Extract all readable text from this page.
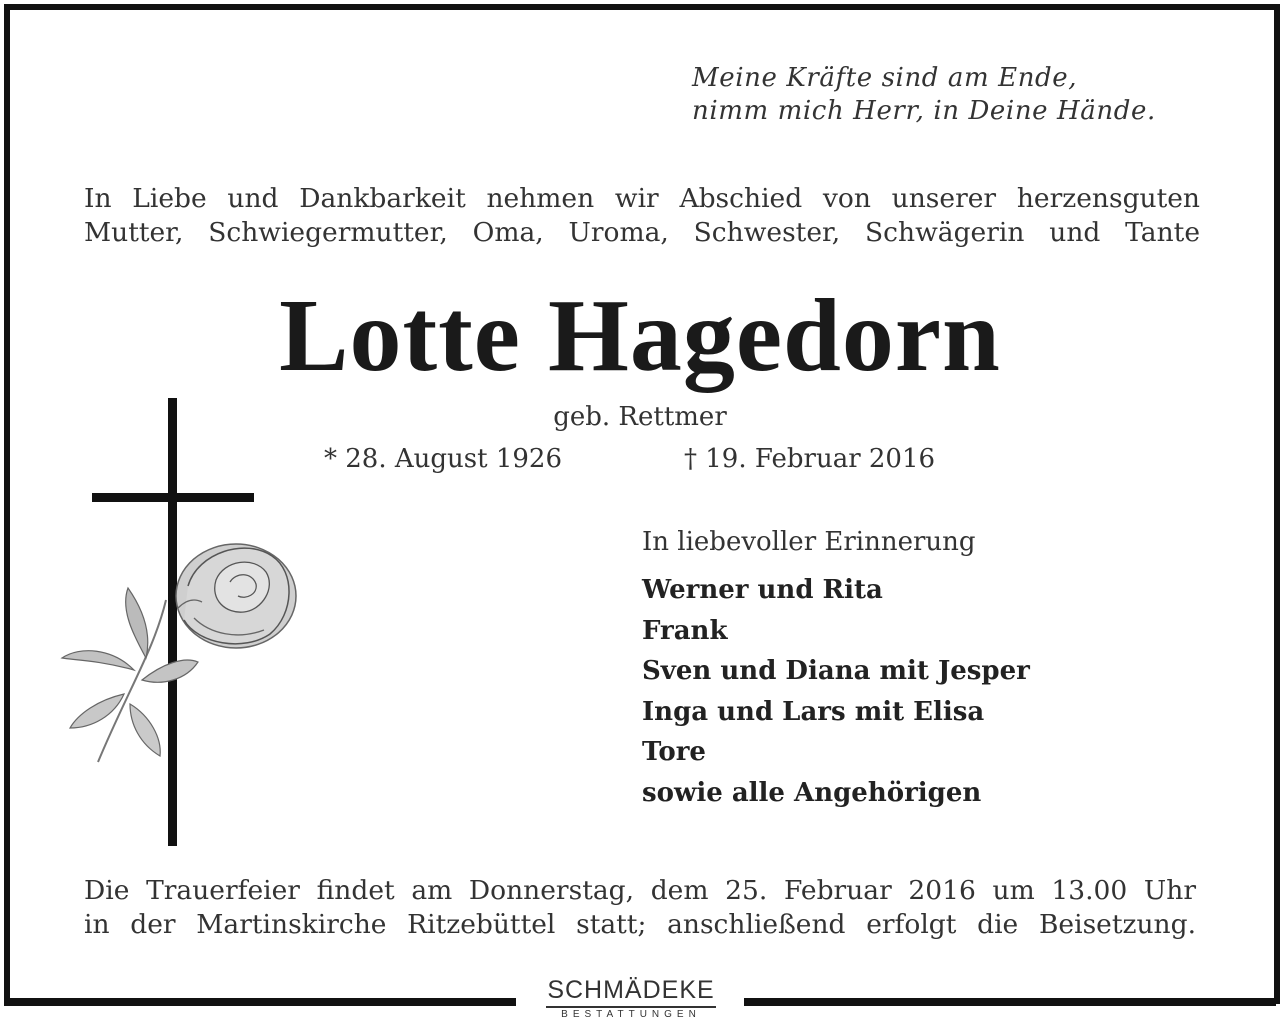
Meine Kräfte sind am Ende,
nimm mich Herr, in Deine Hände.
In Liebe und Dankbarkeit nehmen wir Abschied von unserer herzensguten
Mutter, Schwiegermutter, Oma, Uroma, Schwester, Schwägerin und Tante
Lotte Hagedorn
geb. Rettmer
* 28. August 1926	† 19. Februar 2016
In liebevoller Erinnerung
Werner und Rita
Frank
Sven und Diana mit Jesper
Inga und Lars mit Elisa
Tore
sowie alle Angehörigen
Die Trauerfeier findet am Donnerstag, dem 25. Februar 2016 um 13.00 Uhr
in der Martinskirche Ritzebüttel statt; anschließend erfolgt die Beisetzung.
SCHMÄDEKE
BESTATTUNGEN
